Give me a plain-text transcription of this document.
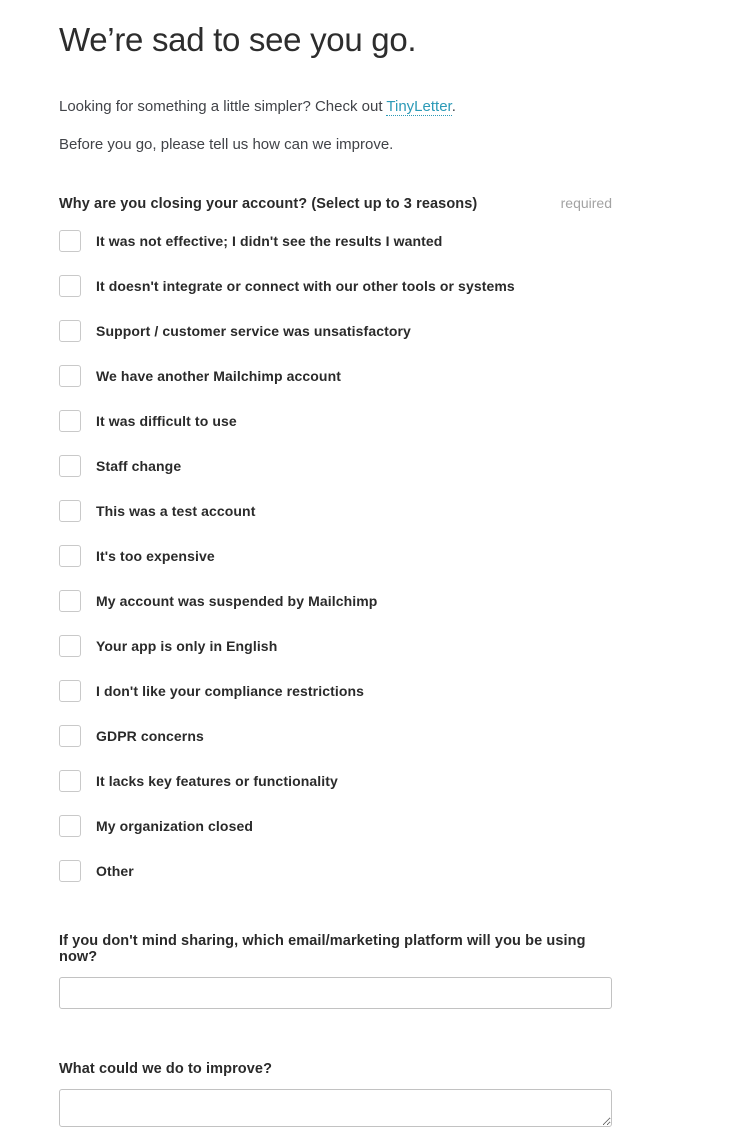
We’re sad to see you go.

Looking for something a little simpler? Check out TinyLetter.

Before you go, please tell us how can we improve.

Why are you closing your account? (Select up to 3 reasons)	required
It was not effective; I didn't see the results I wanted
It doesn't integrate or connect with our other tools or systems
Support / customer service was unsatisfactory
We have another Mailchimp account
It was difficult to use
Staff change
This was a test account
It's too expensive
My account was suspended by Mailchimp
Your app is only in English
I don't like your compliance restrictions
GDPR concerns
It lacks key features or functionality
My organization closed
Other
If you don't mind sharing, which email/marketing platform will you be using now?
What could we do to improve?
